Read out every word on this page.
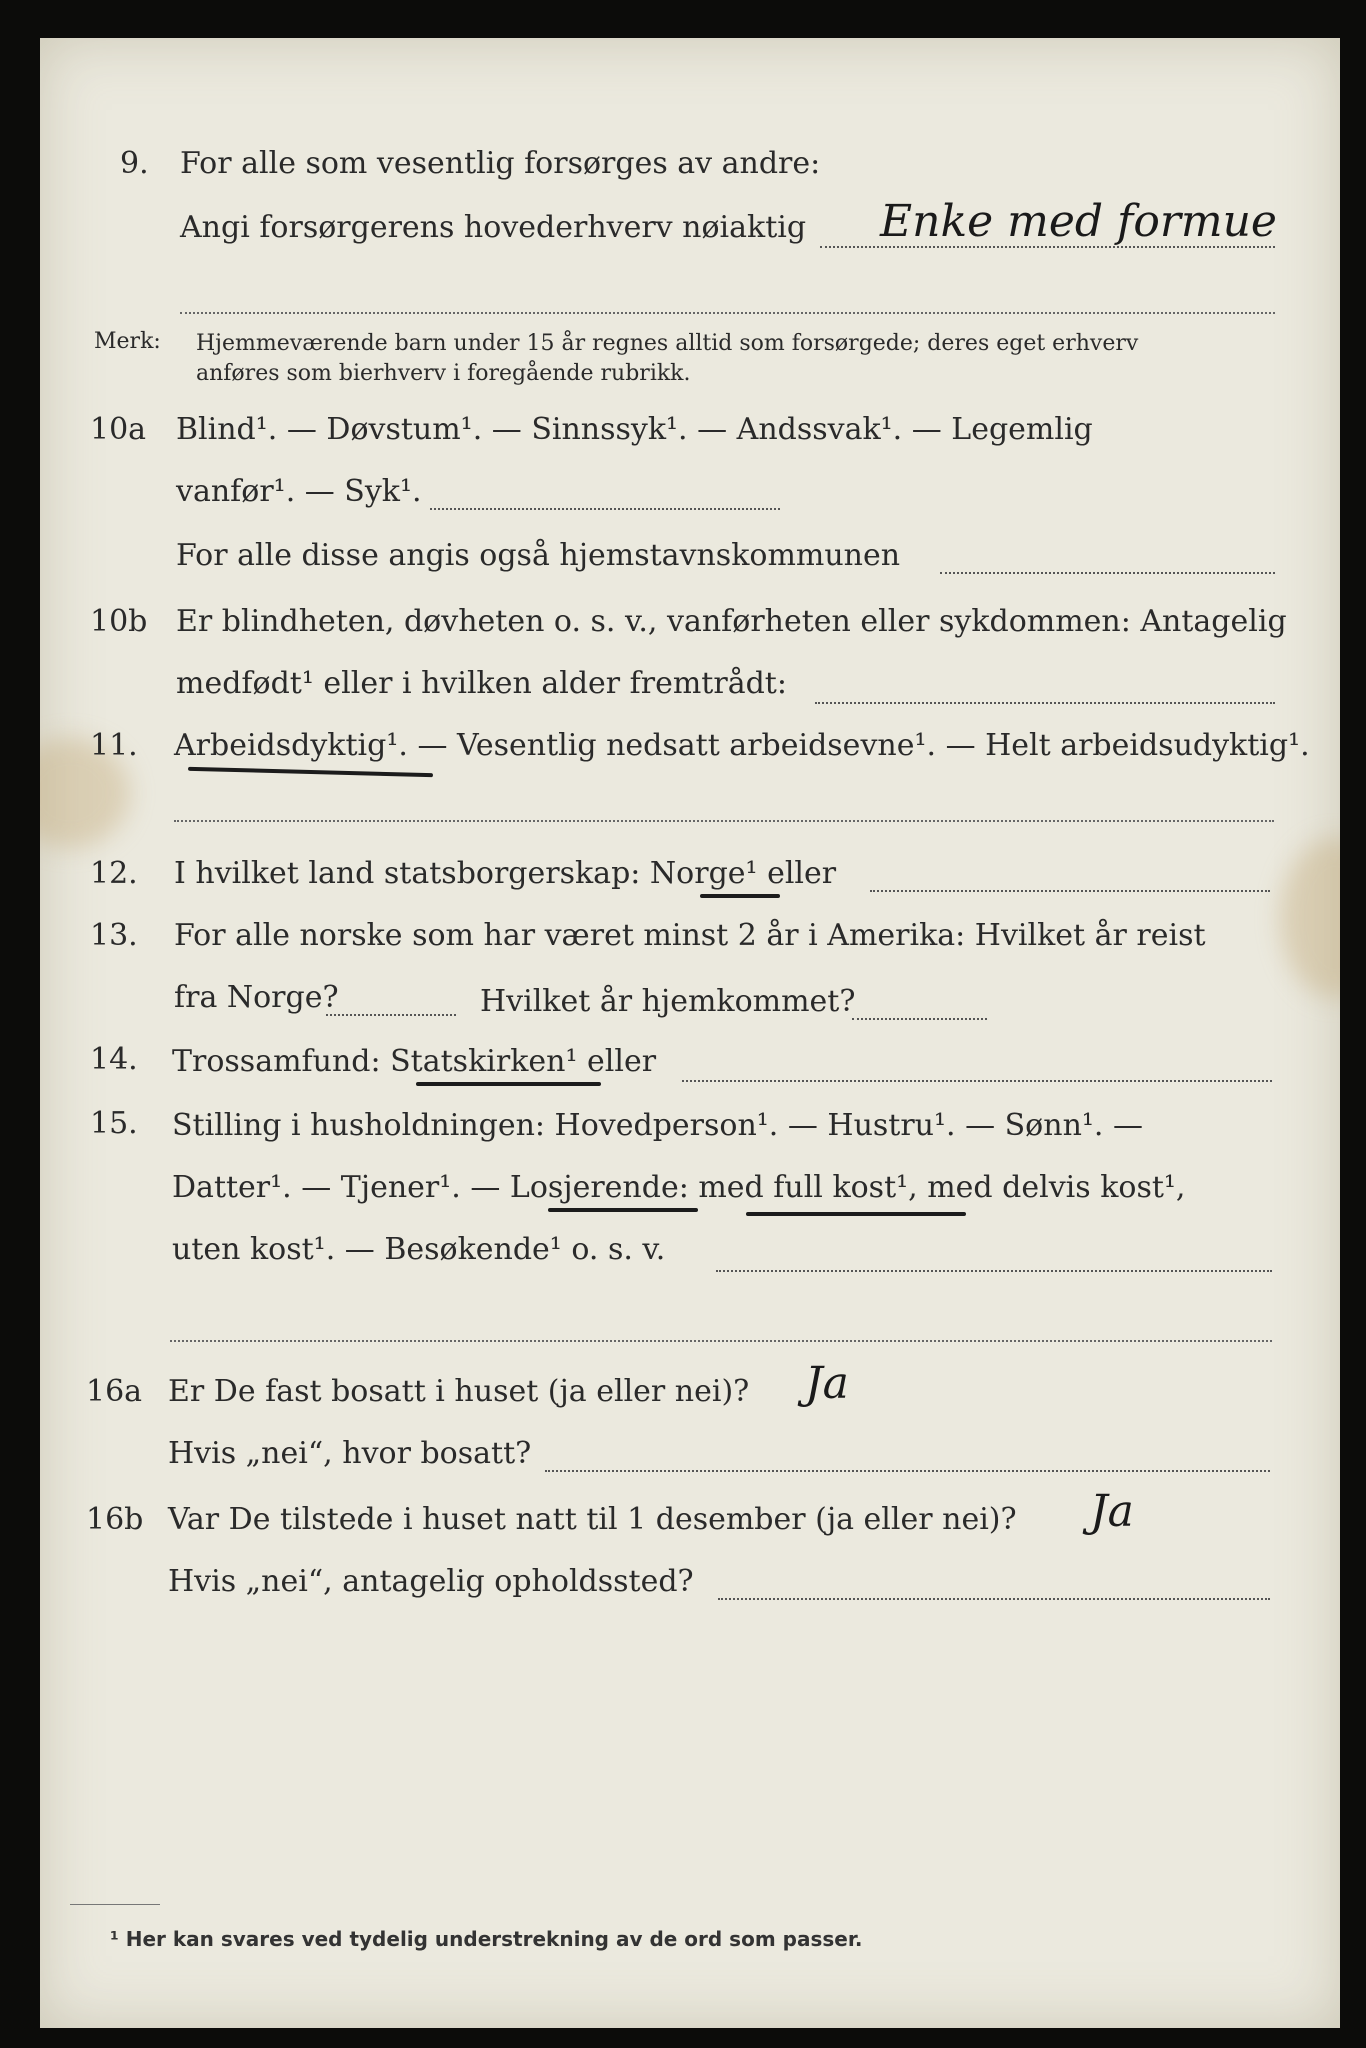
9. For alle som vesentlig forsørges av andre:
Angi forsørgerens hovederhverv nøiaktig Enke med formue
Merk: Hjemmeværende barn under 15 år regnes alltid som forsørgede; deres eget erhverv
anføres som bierhverv i foregående rubrikk.
10a Blind¹. — Døvstum¹. — Sinnssyk¹. — Andssvak¹. — Legemlig
vanfør¹. — Syk¹.
For alle disse angis også hjemstavnskommunen
10b Er blindheten, døvheten o. s. v., vanførheten eller sykdommen: Antagelig
medfødt¹ eller i hvilken alder fremtrådt:
11. Arbeidsdyktig¹. — Vesentlig nedsatt arbeidsevne¹. — Helt arbeidsudyktig¹.
12. I hvilket land statsborgerskap: Norge¹ eller
13. For alle norske som har været minst 2 år i Amerika: Hvilket år reist
fra Norge?	Hvilket år hjemkommet?
14. Trossamfund: Statskirken¹ eller
15. Stilling i husholdningen: Hovedperson¹. — Hustru¹. — Sønn¹. —
Datter¹. — Tjener¹. — Losjerende: med full kost¹, med delvis kost¹,
uten kost¹. — Besøkende¹ o. s. v.
16a Er De fast bosatt i huset (ja eller nei)? Ja
Hvis „nei“, hvor bosatt?
16b Var De tilstede i huset natt til 1 desember (ja eller nei)? Ja
Hvis „nei“, antagelig opholdssted?
¹ Her kan svares ved tydelig understrekning av de ord som passer.
